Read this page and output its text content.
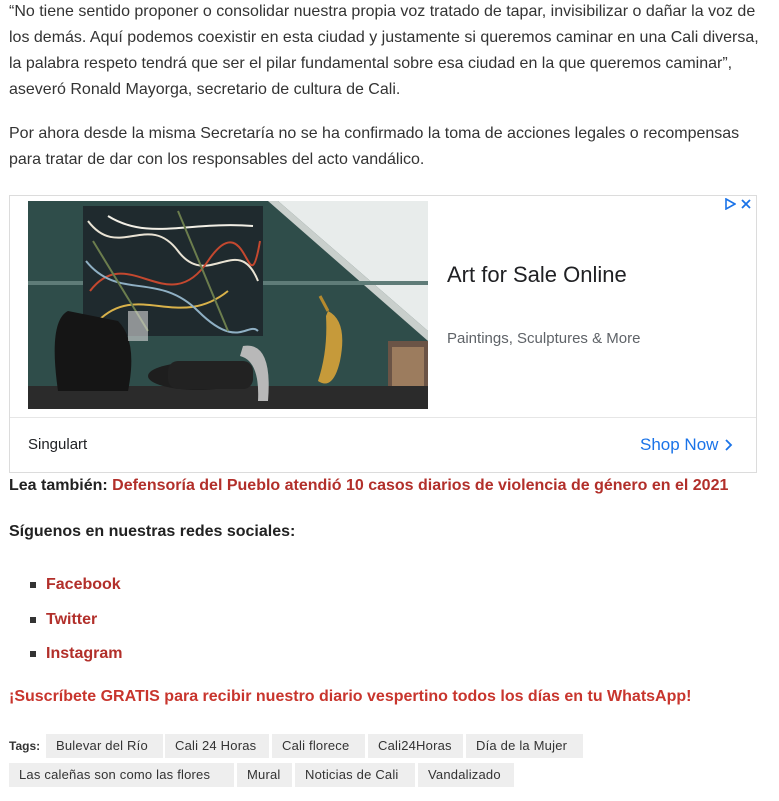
“No tiene sentido proponer o consolidar nuestra propia voz tratado de tapar, invisibilizar o dañar la voz de los demás. Aquí podemos coexistir en esta ciudad y justamente si queremos caminar en una Cali diversa, la palabra respeto tendrá que ser el pilar fundamental sobre esa ciudad en la que queremos caminar”, aseveró Ronald Mayorga, secretario de cultura de Cali.

Por ahora desde la misma Secretaría no se ha confirmado la toma de acciones legales o recompensas para tratar de dar con los responsables del acto vandálico.

Art for Sale Online
Paintings, Sculptures & More
Singulart	Shop Now
Lea también: Defensoría del Pueblo atendió 10 casos diarios de violencia de género en el 2021
Síguenos en nuestras redes sociales:
Facebook
Twitter
Instagram
¡Suscríbete GRATIS para recibir nuestro diario vespertino todos los días en tu WhatsApp!
Tags:	Bulevar del Río	Cali 24 Horas	Cali florece	Cali24Horas	Día de la Mujer
Las caleñas son como las flores	Mural	Noticias de Cali	Vandalizado
